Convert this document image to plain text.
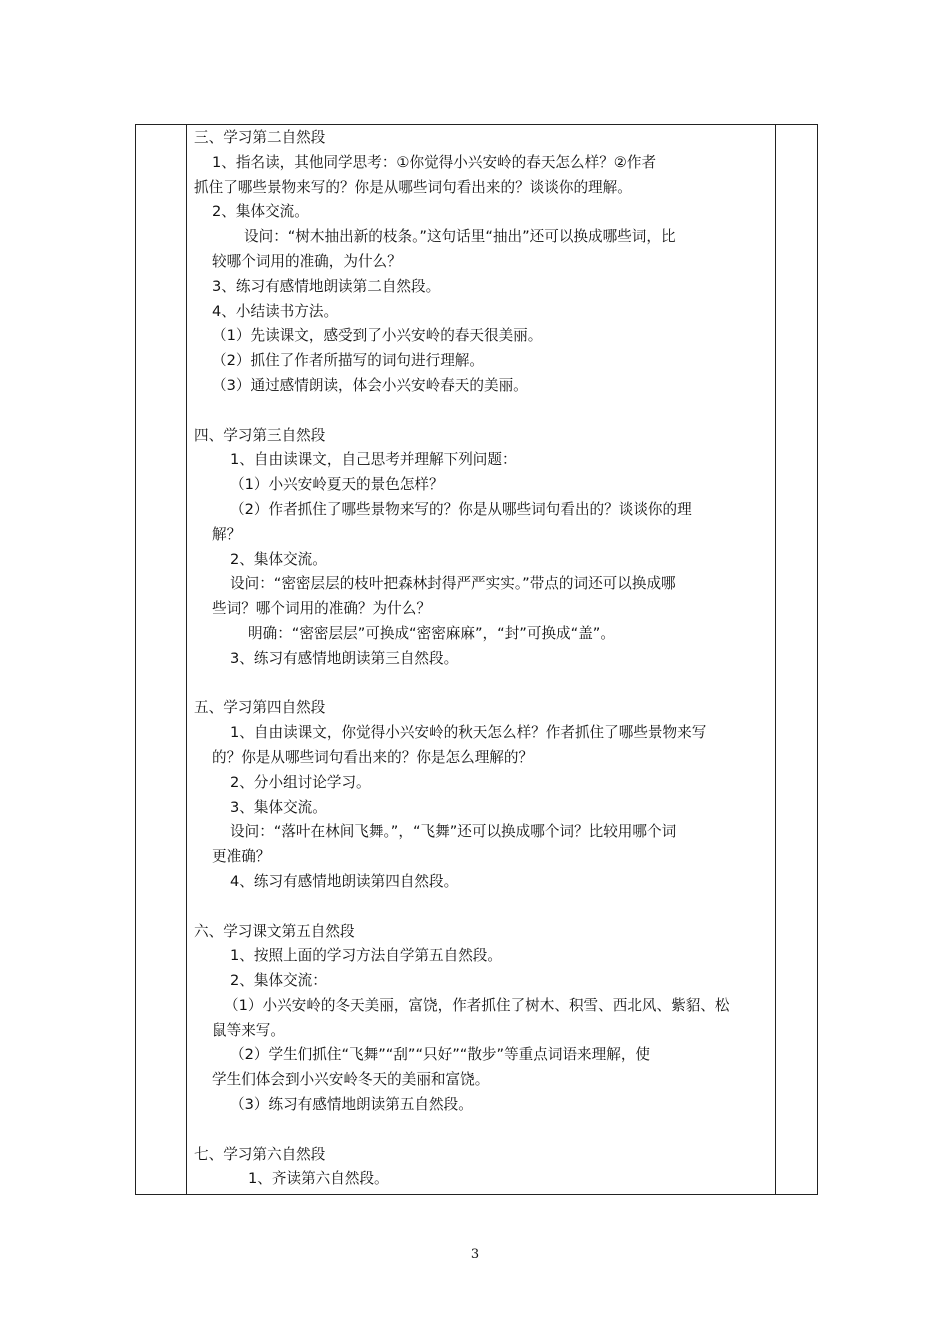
三、学习第二自然段
1、指名读，其他同学思考：①你觉得小兴安岭的春天怎么样？②作者
抓住了哪些景物来写的？你是从哪些词句看出来的？谈谈你的理解。
2、集体交流。
设问：“树木抽出新的枝条。”这句话里“抽出”还可以换成哪些词，比
较哪个词用的准确，为什么？
3、练习有感情地朗读第二自然段。
4、小结读书方法。
（1）先读课文，感受到了小兴安岭的春天很美丽。
（2）抓住了作者所描写的词句进行理解。
（3）通过感情朗读，体会小兴安岭春天的美丽。
四、学习第三自然段
1、自由读课文，自己思考并理解下列问题：
（1）小兴安岭夏天的景色怎样？
（2）作者抓住了哪些景物来写的？你是从哪些词句看出的？谈谈你的理
解？
2、集体交流。
设问：“密密层层的枝叶把森林封得严严实实。”带点的词还可以换成哪
些词？哪个词用的准确？为什么？
明确：“密密层层”可换成“密密麻麻”，“封”可换成“盖”。
3、练习有感情地朗读第三自然段。
五、学习第四自然段
1、自由读课文，你觉得小兴安岭的秋天怎么样？作者抓住了哪些景物来写
的？你是从哪些词句看出来的？你是怎么理解的？
2、分小组讨论学习。
3、集体交流。
设问：“落叶在林间飞舞。”，“飞舞”还可以换成哪个词？比较用哪个词
更准确？
4、练习有感情地朗读第四自然段。
六、学习课文第五自然段
1、按照上面的学习方法自学第五自然段。
2、集体交流：
（1）小兴安岭的冬天美丽，富饶，作者抓住了树木、积雪、西北风、紫貂、松
鼠等来写。
（2）学生们抓住“飞舞”“刮”“只好”“散步”等重点词语来理解，使
学生们体会到小兴安岭冬天的美丽和富饶。
（3）练习有感情地朗读第五自然段。
七、学习第六自然段
1、齐读第六自然段。
3
